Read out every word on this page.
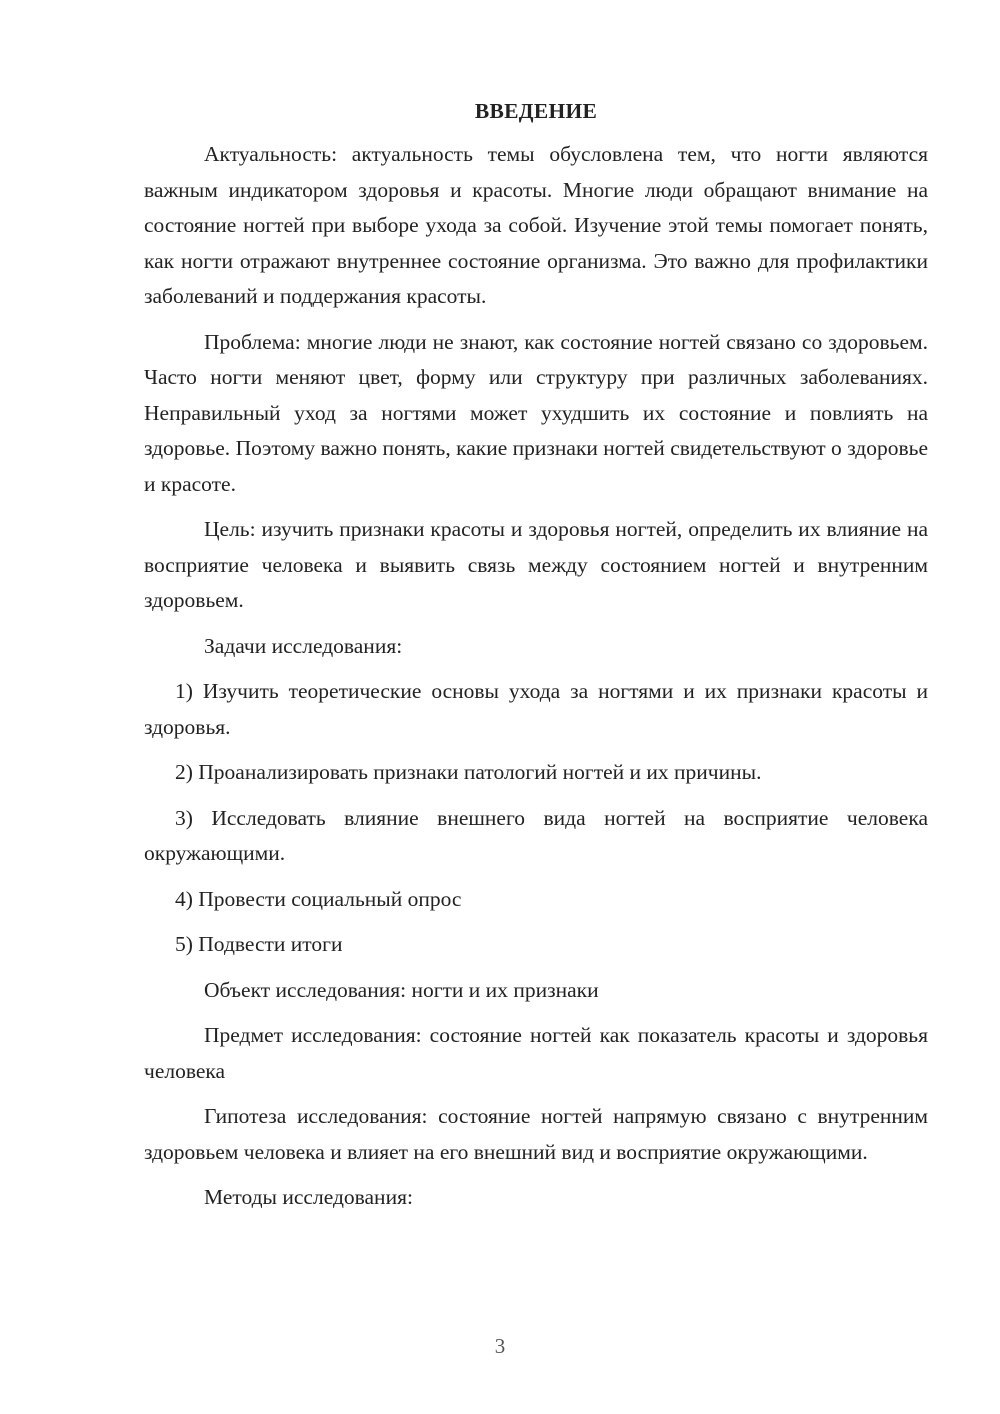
ВВЕДЕНИЕ

Актуальность: актуальность темы обусловлена тем, что ногти являются важным индикатором здоровья и красоты. Многие люди обращают внимание на состояние ногтей при выборе ухода за собой. Изучение этой темы помогает понять, как ногти отражают внутреннее состояние организма. Это важно для профилактики заболеваний и поддержания красоты.

Проблема: многие люди не знают, как состояние ногтей связано со здоровьем. Часто ногти меняют цвет, форму или структуру при различных заболеваниях. Неправильный уход за ногтями может ухудшить их состояние и повлиять на здоровье. Поэтому важно понять, какие признаки ногтей свидетельствуют о здоровье и красоте.

Цель: изучить признаки красоты и здоровья ногтей, определить их влияние на восприятие человека и выявить связь между состоянием ногтей и внутренним здоровьем.

Задачи исследования:

1) Изучить теоретические основы ухода за ногтями и их признаки красоты и здоровья.

2) Проанализировать признаки патологий ногтей и их причины.

3) Исследовать влияние внешнего вида ногтей на восприятие человека окружающими.

4) Провести социальный опрос

5) Подвести итоги

Объект исследования: ногти и их признаки

Предмет исследования: состояние ногтей как показатель красоты и здоровья человека

Гипотеза исследования: состояние ногтей напрямую связано с внутренним здоровьем человека и влияет на его внешний вид и восприятие окружающими.

Методы исследования:

3
